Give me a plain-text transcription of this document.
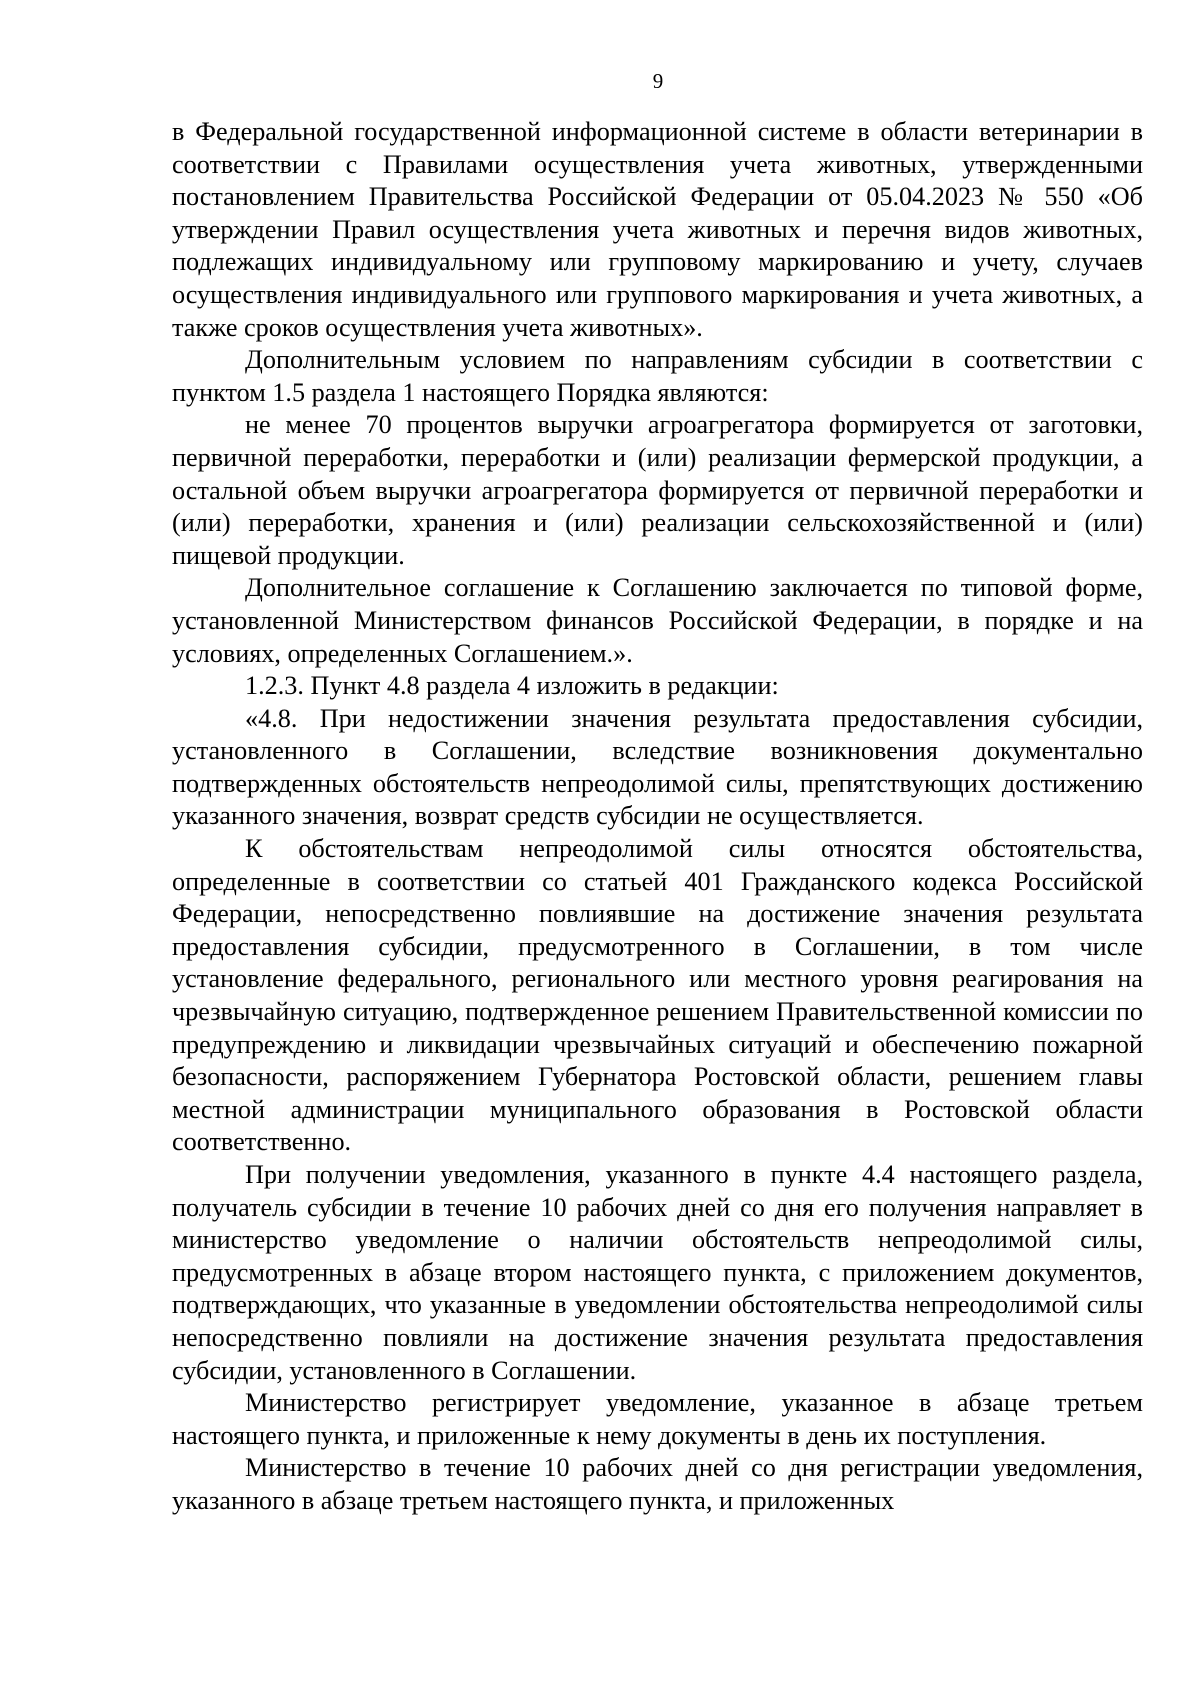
9

в Федеральной государственной информационной системе в области ветеринарии в соответствии с Правилами осуществления учета животных, утвержденными постановлением Правительства Российской Федерации от 05.04.2023 № 550 «Об утверждении Правил осуществления учета животных и перечня видов животных, подлежащих индивидуальному или групповому маркированию и учету, случаев осуществления индивидуального или группового маркирования и учета животных, а также сроков осуществления учета животных».

Дополнительным условием по направлениям субсидии в соответствии с пунктом 1.5 раздела 1 настоящего Порядка являются:

не менее 70 процентов выручки агроагрегатора формируется от заготовки, первичной переработки, переработки и (или) реализации фермерской продукции, а остальной объем выручки агроагрегатора формируется от первичной переработки и (или) переработки, хранения и (или) реализации сельскохозяйственной и (или) пищевой продукции.

Дополнительное соглашение к Соглашению заключается по типовой форме, установленной Министерством финансов Российской Федерации, в порядке и на условиях, определенных Соглашением.».

1.2.3. Пункт 4.8 раздела 4 изложить в редакции:

«4.8. При недостижении значения результата предоставления субсидии, установленного в Соглашении, вследствие возникновения документально подтвержденных обстоятельств непреодолимой силы, препятствующих достижению указанного значения, возврат средств субсидии не осуществляется.

К обстоятельствам непреодолимой силы относятся обстоятельства, определенные в соответствии со статьей 401 Гражданского кодекса Российской Федерации, непосредственно повлиявшие на достижение значения результата предоставления субсидии, предусмотренного в Соглашении, в том числе установление федерального, регионального или местного уровня реагирования на чрезвычайную ситуацию, подтвержденное решением Правительственной комиссии по предупреждению и ликвидации чрезвычайных ситуаций и обеспечению пожарной безопасности, распоряжением Губернатора Ростовской области, решением главы местной администрации муниципального образования в Ростовской области соответственно.

При получении уведомления, указанного в пункте 4.4 настоящего раздела, получатель субсидии в течение 10 рабочих дней со дня его получения направляет в министерство уведомление о наличии обстоятельств непреодолимой силы, предусмотренных в абзаце втором настоящего пункта, с приложением документов, подтверждающих, что указанные в уведомлении обстоятельства непреодолимой силы непосредственно повлияли на достижение значения результата предоставления субсидии, установленного в Соглашении.

Министерство регистрирует уведомление, указанное в абзаце третьем настоящего пункта, и приложенные к нему документы в день их поступления.

Министерство в течение 10 рабочих дней со дня регистрации уведомления, указанного в абзаце третьем настоящего пункта, и приложенных
